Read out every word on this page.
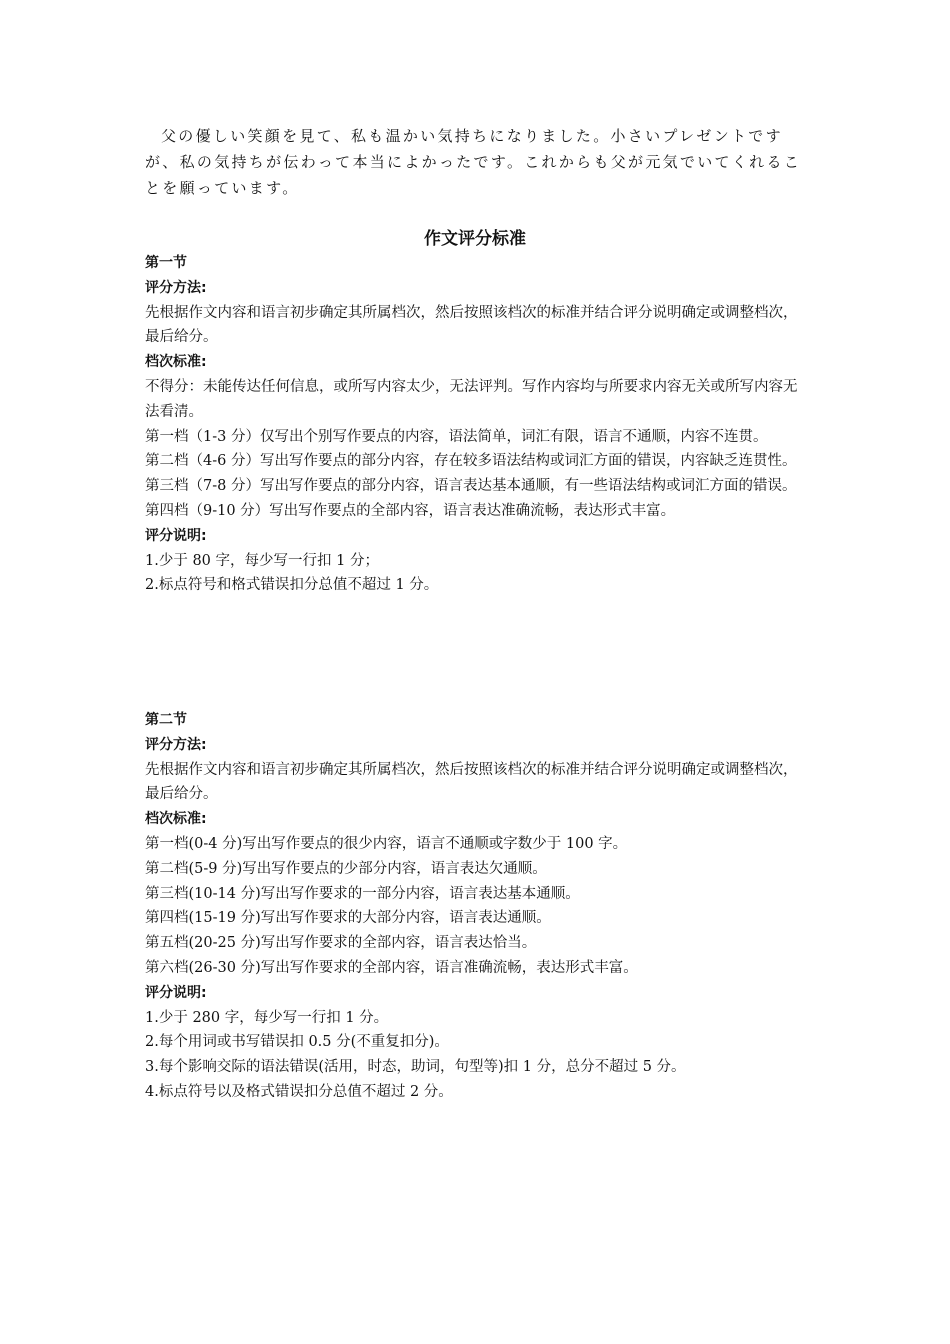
父の優しい笑顔を見て、私も温かい気持ちになりました。小さいプレゼントですが、私の気持ちが伝わって本当によかったです。これからも父が元気でいてくれることを願っています。

作文评分标准

第一节

评分方法:

先根据作文内容和语言初步确定其所属档次，然后按照该档次的标准并结合评分说明确定或调整档次，最后给分。

档次标准:

不得分：未能传达任何信息，或所写内容太少，无法评判。写作内容均与所要求内容无关或所写内容无法看清。

第一档（1-3 分）仅写出个别写作要点的内容，语法简单，词汇有限，语言不通顺，内容不连贯。

第二档（4-6 分）写出写作要点的部分内容，存在较多语法结构或词汇方面的错误，内容缺乏连贯性。

第三档（7-8 分）写出写作要点的部分内容，语言表达基本通顺，有一些语法结构或词汇方面的错误。

第四档（9-10 分）写出写作要点的全部内容，语言表达准确流畅，表达形式丰富。

评分说明:

1.少于 80 字，每少写一行扣 1 分；

2.标点符号和格式错误扣分总值不超过 1 分。

第二节

评分方法:

先根据作文内容和语言初步确定其所属档次，然后按照该档次的标准并结合评分说明确定或调整档次，最后给分。

档次标准:

第一档(0-4 分)写出写作要点的很少内容，语言不通顺或字数少于 100 字。

第二档(5-9 分)写出写作要点的少部分内容，语言表达欠通顺。

第三档(10-14 分)写出写作要求的一部分内容，语言表达基本通顺。

第四档(15-19 分)写出写作要求的大部分内容，语言表达通顺。

第五档(20-25 分)写出写作要求的全部内容，语言表达恰当。

第六档(26-30 分)写出写作要求的全部内容，语言准确流畅，表达形式丰富。

评分说明:

1.少于 280 字，每少写一行扣 1 分。

2.每个用词或书写错误扣 0.5 分(不重复扣分)。

3.每个影响交际的语法错误(活用，时态，助词，句型等)扣 1 分，总分不超过 5 分。

4.标点符号以及格式错误扣分总值不超过 2 分。
